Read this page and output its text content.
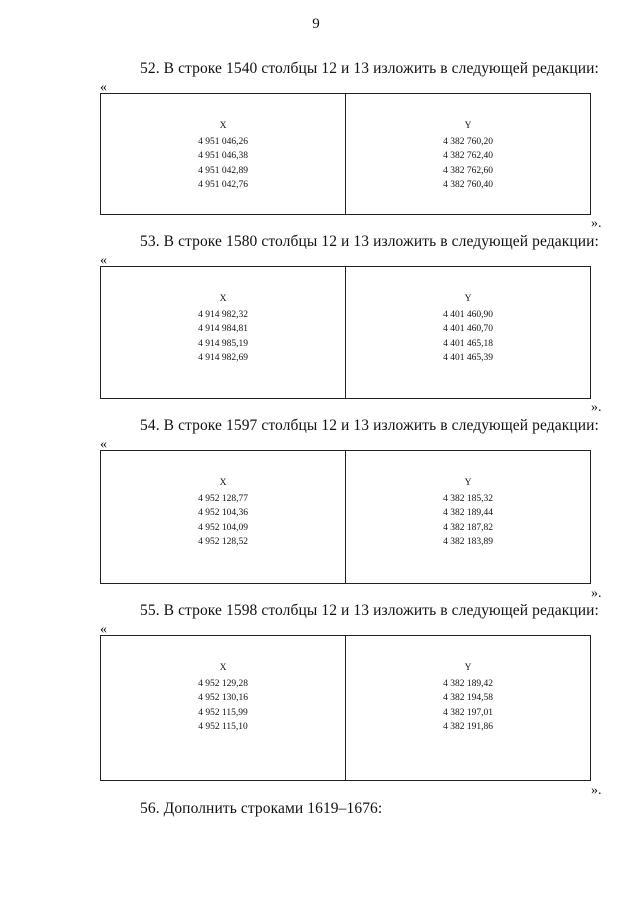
9
52. В строке 1540 столбцы 12 и 13 изложить в следующей редакции:
«
X
4 951 046,26
4 951 046,38
4 951 042,89
4 951 042,76
Y
4 382 760,20
4 382 762,40
4 382 762,60
4 382 760,40
».
53. В строке 1580 столбцы 12 и 13 изложить в следующей редакции:
«
X
4 914 982,32
4 914 984,81
4 914 985,19
4 914 982,69
Y
4 401 460,90
4 401 460,70
4 401 465,18
4 401 465,39
».
54. В строке 1597 столбцы 12 и 13 изложить в следующей редакции:
«
X
4 952 128,77
4 952 104,36
4 952 104,09
4 952 128,52
Y
4 382 185,32
4 382 189,44
4 382 187,82
4 382 183,89
».
55. В строке 1598 столбцы 12 и 13 изложить в следующей редакции:
«
X
4 952 129,28
4 952 130,16
4 952 115,99
4 952 115,10
Y
4 382 189,42
4 382 194,58
4 382 197,01
4 382 191,86
».
56. Дополнить строками 1619–1676:
